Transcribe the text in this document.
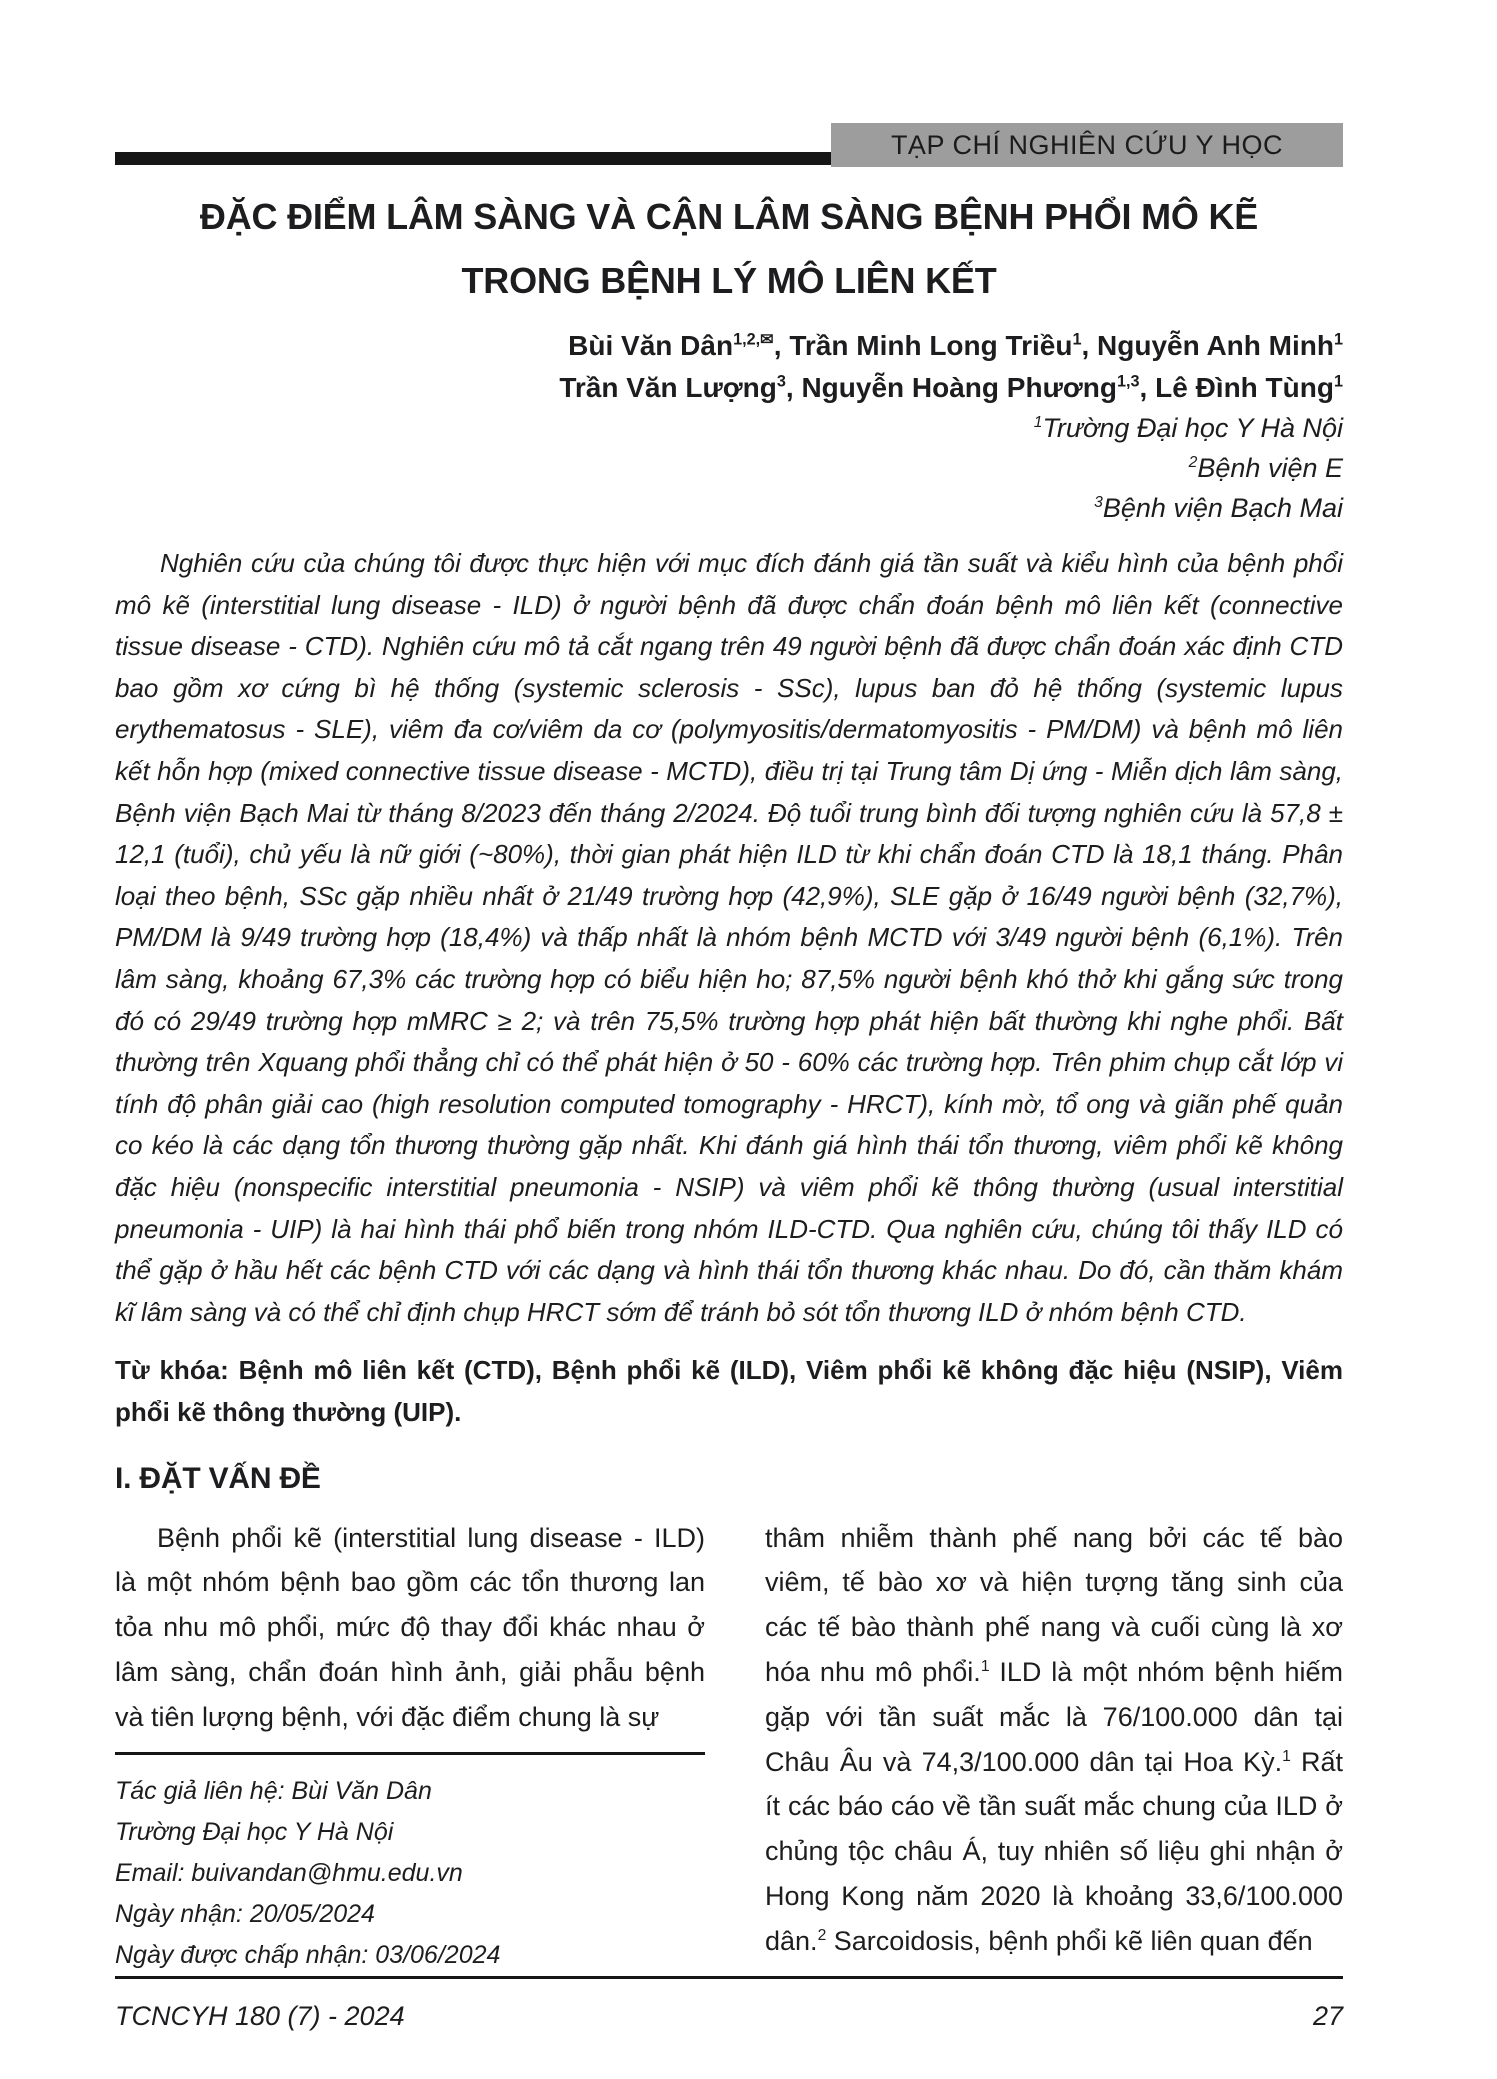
TẠP CHÍ NGHIÊN CỨU Y HỌC
ĐẶC ĐIỂM LÂM SÀNG VÀ CẬN LÂM SÀNG BỆNH PHỔI MÔ KẼ
TRONG BỆNH LÝ MÔ LIÊN KẾT
Bùi Văn Dân$^{1,2,✉}$, Trần Minh Long Triều$^1$, Nguyễn Anh Minh$^1$
Trần Văn Lượng$^3$, Nguyễn Hoàng Phương$^{1,3}$, Lê Đình Tùng$^1$
$^1$Trường Đại học Y Hà Nội
$^2$Bệnh viện E
$^3$Bệnh viện Bạch Mai

Nghiên cứu của chúng tôi được thực hiện với mục đích đánh giá tần suất và kiểu hình của bệnh phổi mô kẽ (interstitial lung disease - ILD) ở người bệnh đã được chẩn đoán bệnh mô liên kết (connective tissue disease - CTD). Nghiên cứu mô tả cắt ngang trên 49 người bệnh đã được chẩn đoán xác định CTD bao gồm xơ cứng bì hệ thống (systemic sclerosis - SSc), lupus ban đỏ hệ thống (systemic lupus erythematosus - SLE), viêm đa cơ/viêm da cơ (polymyositis/dermatomyositis - PM/DM) và bệnh mô liên kết hỗn hợp (mixed connective tissue disease - MCTD), điều trị tại Trung tâm Dị ứng - Miễn dịch lâm sàng, Bệnh viện Bạch Mai từ tháng 8/2023 đến tháng 2/2024. Độ tuổi trung bình đối tượng nghiên cứu là 57,8 ± 12,1 (tuổi), chủ yếu là nữ giới (~80%), thời gian phát hiện ILD từ khi chẩn đoán CTD là 18,1 tháng. Phân loại theo bệnh, SSc gặp nhiều nhất ở 21/49 trường hợp (42,9%), SLE gặp ở 16/49 người bệnh (32,7%), PM/DM là 9/49 trường hợp (18,4%) và thấp nhất là nhóm bệnh MCTD với 3/49 người bệnh (6,1%). Trên lâm sàng, khoảng 67,3% các trường hợp có biểu hiện ho; 87,5% người bệnh khó thở khi gắng sức trong đó có 29/49 trường hợp mMRC ≥ 2; và trên 75,5% trường hợp phát hiện bất thường khi nghe phổi. Bất thường trên Xquang phổi thẳng chỉ có thể phát hiện ở 50 - 60% các trường hợp. Trên phim chụp cắt lớp vi tính độ phân giải cao (high resolution computed tomography - HRCT), kính mờ, tổ ong và giãn phế quản co kéo là các dạng tổn thương thường gặp nhất. Khi đánh giá hình thái tổn thương, viêm phổi kẽ không đặc hiệu (nonspecific interstitial pneumonia - NSIP) và viêm phổi kẽ thông thường (usual interstitial pneumonia - UIP) là hai hình thái phổ biến trong nhóm ILD-CTD. Qua nghiên cứu, chúng tôi thấy ILD có thể gặp ở hầu hết các bệnh CTD với các dạng và hình thái tổn thương khác nhau. Do đó, cần thăm khám kĩ lâm sàng và có thể chỉ định chụp HRCT sớm để tránh bỏ sót tổn thương ILD ở nhóm bệnh CTD.

Từ khóa: Bệnh mô liên kết (CTD), Bệnh phổi kẽ (ILD), Viêm phổi kẽ không đặc hiệu (NSIP), Viêm phổi kẽ thông thường (UIP).

I. ĐẶT VẤN ĐỀ

Bệnh phổi kẽ (interstitial lung disease - ILD) là một nhóm bệnh bao gồm các tổn thương lan tỏa nhu mô phổi, mức độ thay đổi khác nhau ở lâm sàng, chẩn đoán hình ảnh, giải phẫu bệnh và tiên lượng bệnh, với đặc điểm chung là sự

Tác giả liên hệ: Bùi Văn Dân
Trường Đại học Y Hà Nội
Email: buivandan@hmu.edu.vn
Ngày nhận: 20/05/2024
Ngày được chấp nhận: 03/06/2024

thâm nhiễm thành phế nang bởi các tế bào viêm, tế bào xơ và hiện tượng tăng sinh của các tế bào thành phế nang và cuối cùng là xơ hóa nhu mô phổi.$^1$ ILD là một nhóm bệnh hiếm gặp với tần suất mắc là 76/100.000 dân tại Châu Âu và 74,3/100.000 dân tại Hoa Kỳ.$^1$ Rất ít các báo cáo về tần suất mắc chung của ILD ở chủng tộc châu Á, tuy nhiên số liệu ghi nhận ở Hong Kong năm 2020 là khoảng 33,6/100.000 dân.$^2$ Sarcoidosis, bệnh phổi kẽ liên quan đến

TCNCYH 180 (7) - 2024	27
